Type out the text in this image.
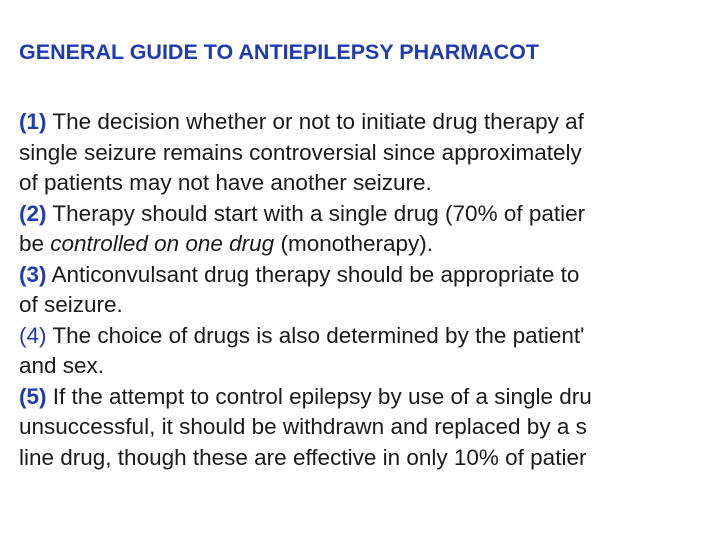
GENERAL GUIDE TO ANTIEPILEPSY PHARMACOT
(1) The decision whether or not to initiate drug therapy af
single seizure remains controversial since approximately
of patients may not have another seizure.
(2) Therapy should start with a single drug (70% of patier
be controlled on one drug (monotherapy).
(3) Anticonvulsant drug therapy should be appropriate to
of seizure.
(4) The choice of drugs is also determined by the patient'
and sex.
(5) If the attempt to control epilepsy by use of a single dru
unsuccessful, it should be withdrawn and replaced by a s
line drug, though these are effective in only 10% of patier
